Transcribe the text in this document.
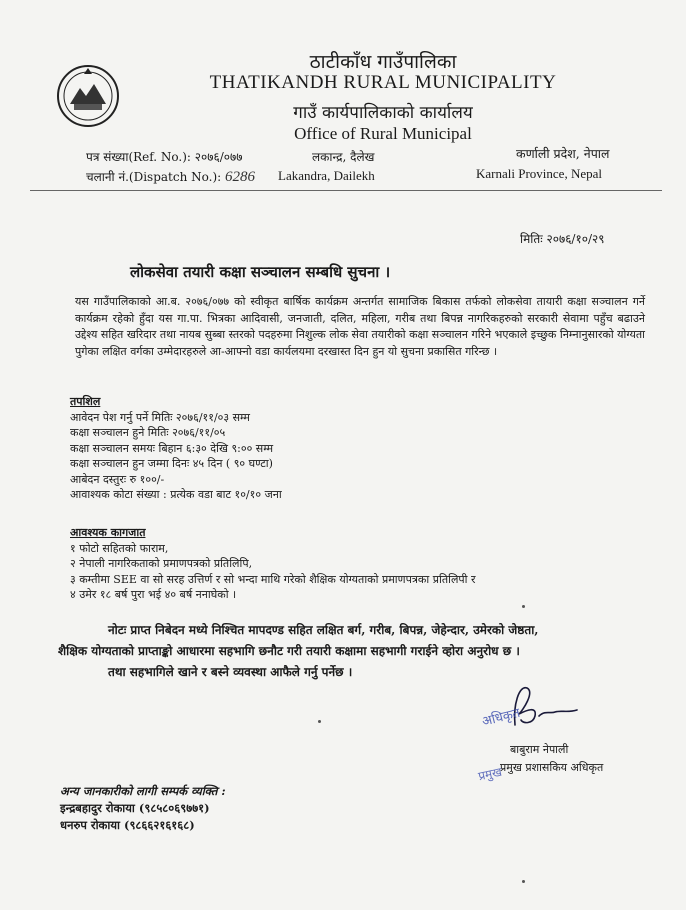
ठाटीकाँध गाउँपालिका
THATIKANDH RURAL MUNICIPALITY
गाउँ कार्यपालिकाको कार्यालय
Office of Rural Municipal
पत्र संख्या(Ref. No.): २०७६/०७७
चलानी नं.(Dispatch No.): 6286
लकान्द्र, दैलेख
Lakandra, Dailekh
कर्णाली प्रदेश, नेपाल
Karnali Province, Nepal
मितिः २०७६/१०/२९
लोकसेवा तयारी कक्षा सञ्चालन सम्बधि सुचना ।
यस गाउँपालिकाको आ.ब. २०७६/०७७ को स्वीकृत बार्षिक कार्यक्रम अन्तर्गत सामाजिक बिकास तर्फको लोकसेवा तायारी कक्षा सञ्चालन गर्ने कार्यक्रम रहेको हुँदा यस गा.पा. भित्रका आदिवासी, जनजाती, दलित, महिला, गरीब तथा बिपन्न नागरिकहरुको सरकारी सेवामा पहुँच बढाउने उद्देश्य सहित खरिदार तथा नायब सुब्बा स्तरको पदहरुमा निशुल्क लोक सेवा तयारीको कक्षा सञ्चालन गरिने भएकाले इच्छुक निम्नानुसारको योग्यता पुगेका लक्षित वर्गका उम्मेदारहरुले आ-आफ्नो वडा कार्यलयमा दरखास्त दिन हुन यो सुचना प्रकासित गरिन्छ ।
तपशिल
आवेदन पेश गर्नु पर्ने मितिः २०७६/११/०३ सम्म
कक्षा सञ्चालन हुने मितिः २०७६/११/०५
कक्षा सञ्चालन समयः बिहान ६:३० देखि ९:०० सम्म
कक्षा सञ्चालन हुन जम्मा दिनः ४५ दिन ( ९० घण्टा)
आबेदन दस्तुरः रु १००/-
आवाश्यक कोटा संख्या : प्रत्येक वडा बाट १०/१० जना
आवश्यक कागजात
१ फोटो सहितको फाराम,
२ नेपाली नागरिकताको प्रमाणपत्रको प्रतिलिपि,
३ कम्तीमा SEE वा सो सरह उत्तिर्ण र सो भन्दा माथि गरेको शैक्षिक योग्यताको प्रमाणपत्रका प्रतिलिपी र
४ उमेर १८ बर्ष पुरा भई ४० बर्ष ननाघेको ।
नोटः प्राप्त निबेदन मध्ये निश्चित मापदण्ड सहित लक्षित बर्ग, गरीब, बिपन्न, जेहेन्दार, उमेरको जेष्ठता,
शैक्षिक योग्यताको प्राप्ताङ्को आधारमा सहभागि छनौट गरी तयारी कक्षामा सहभागी गराईने व्होरा अनुरोध छ ।
तथा सहभागिले खाने र बस्ने व्यवस्था आफैले गर्नु पर्नेछ ।
अधिकृत
बाबुराम नेपाली
प्रमुख प्रशासकिय अधिकृत
प्रमुख
अन्य जानकारीको लागी सम्पर्क व्यक्ति :
इन्द्रबहादुर रोकाया (९८५८०६९७७१)
धनरुप रोकाया (९८६६२१६१६८)
